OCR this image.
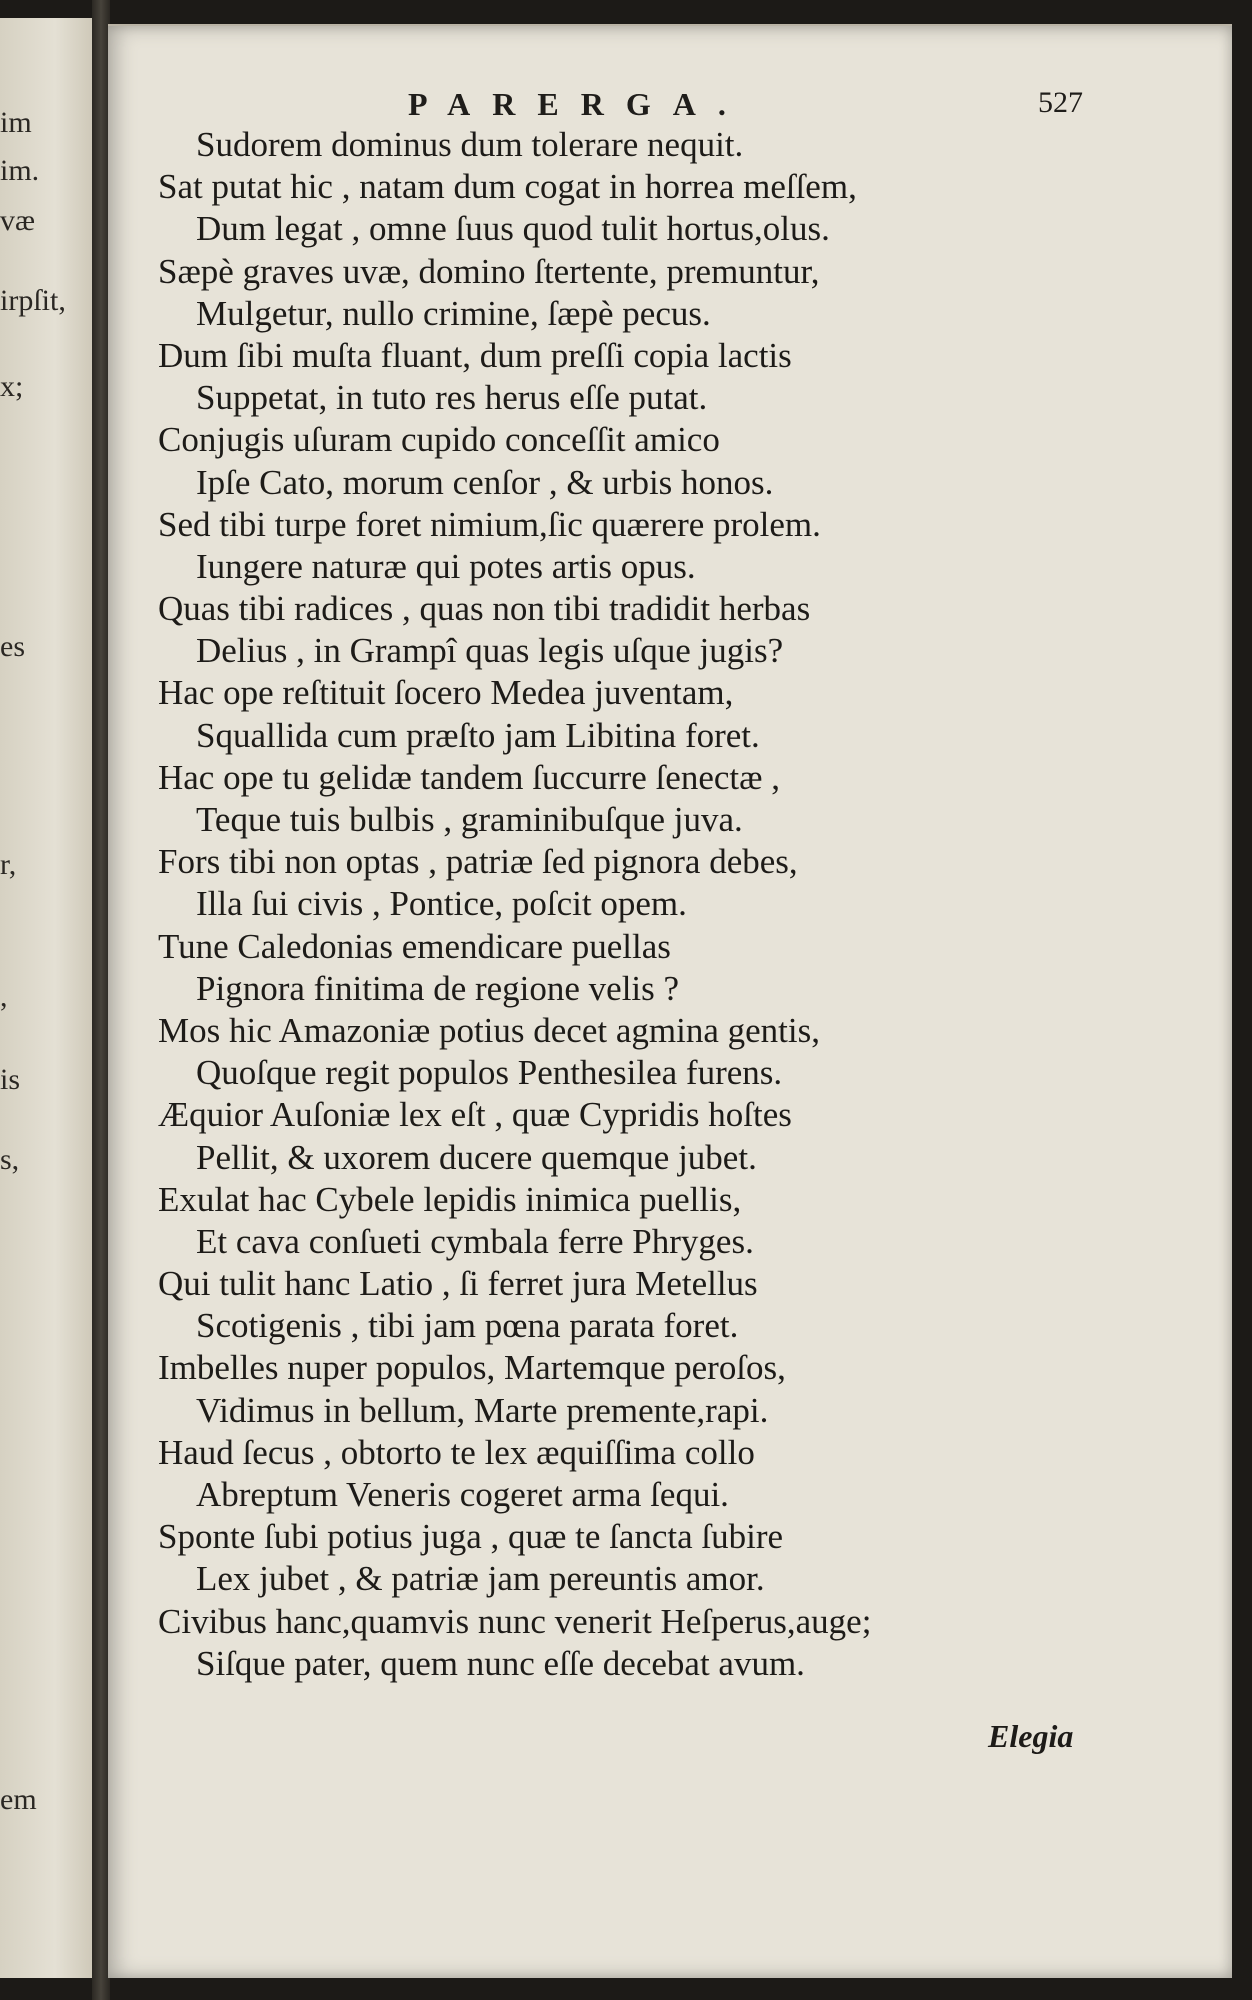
im
im.
væ
irpſit,
x;
es
r,
,
is
s,
em
PARERGA.	527
Sudorem dominus dum tolerare nequit.
Sat putat hic , natam dum cogat in horrea meſſem,
Dum legat , omne ſuus quod tulit hortus,olus.
Sæpè graves uvæ, domino ſtertente, premuntur,
Mulgetur, nullo crimine, ſæpè pecus.
Dum ſibi muſta fluant, dum preſſi copia lactis
Suppetat, in tuto res herus eſſe putat.
Conjugis uſuram cupido conceſſit amico
Ipſe Cato, morum cenſor , & urbis honos.
Sed tibi turpe foret nimium,ſic quærere prolem.
Iungere naturæ qui potes artis opus.
Quas tibi radices , quas non tibi tradidit herbas
Delius , in Grampî quas legis uſque jugis?
Hac ope reſtituit ſocero Medea juventam,
Squallida cum præſto jam Libitina foret.
Hac ope tu gelidæ tandem ſuccurre ſenectæ ,
Teque tuis bulbis , graminibuſque juva.
Fors tibi non optas , patriæ ſed pignora debes,
Illa ſui civis , Pontice, poſcit opem.
Tune Caledonias emendicare puellas
Pignora finitima de regione velis ?
Mos hic Amazoniæ potius decet agmina gentis,
Quoſque regit populos Penthesilea furens.
Æquior Auſoniæ lex eſt , quæ Cypridis hoſtes
Pellit, & uxorem ducere quemque jubet.
Exulat hac Cybele lepidis inimica puellis,
Et cava conſueti cymbala ferre Phryges.
Qui tulit hanc Latio , ſi ferret jura Metellus
Scotigenis , tibi jam pœna parata foret.
Imbelles nuper populos, Martemque peroſos,
Vidimus in bellum, Marte premente,rapi.
Haud ſecus , obtorto te lex æquiſſima collo
Abreptum Veneris cogeret arma ſequi.
Sponte ſubi potius juga , quæ te ſancta ſubire
Lex jubet , & patriæ jam pereuntis amor.
Civibus hanc,quamvis nunc venerit Heſperus,auge;
Siſque pater, quem nunc eſſe decebat avum.
Elegia
